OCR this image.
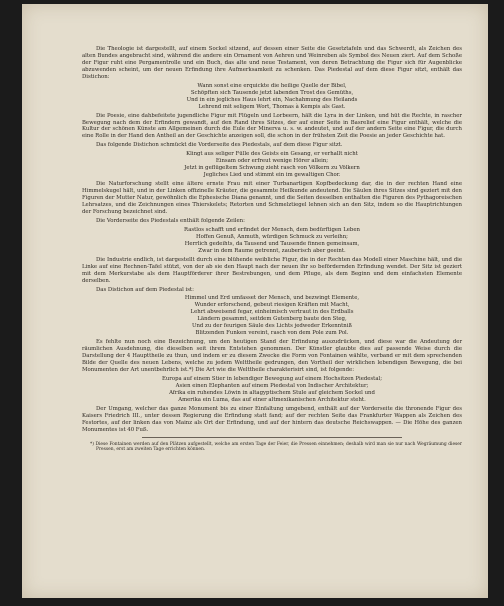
Die Theologie ist dargestellt, auf einem Sockel sitzend, auf dessen einer Seite die Gesetztafeln und das Schwerdt, als Zeichen des alten Bundes angebracht sind, während die andere ein Ornament von Aehren und Weinreben als Symbol des Neuen ziert. Auf dem Schoße der Figur ruht eine Pergamentrolle und ein Buch, das alte und neue Testament, von deren Betrachtung die Figur sich für Augenblicke abzuwenden scheint, um der neuen Erfindung ihre Aufmerksamkeit zu schenken. Das Piedestal auf dem diese Figur sitzt, enthält das Distichon:

Wann sonst eine erquickte die heilige Quelle der Bibel,
Schöpften sich Tausende jetzt labenden Trost des Gemüths,
Und in ein jegliches Haus lehrt ein, Nachahmung des Heilands
Lehrend mit seligem Wort, Thomas à Kempis als Gast.

Die Poesie, eine dahbefeitete jugendliche Figur mit Flügeln und Lorbeern, hält die Lyra in der Linken, und hüt die Rechte, in rascher Bewegung nach dem der Erfindern gewandt, auf den Rand ihres Sitzes, der auf einer Seite in Basrelief eine Figur enthält, welche die Kultur der schönen Künste am Allgemeinen durch die Eule der Minerva u. s. w. andeutet, und auf der andern Seite eine Figur, die durch eine Rolle in der Hand den Antheil an der Geschichte anzeigen soll, die schon in der frühsten Zeit die Poesie an jeder Geschichte hat.

Das folgende Distichon schmückt die Vorderseite des Piedestals, auf dem diese Figur sitzt.

Klingt aus seliger Fülle des Geists ein Gesang, er verhallt nicht
Einsam oder erfreut wenige Hörer allein;
Jetzt in geflügeltem Schwung zieht rasch von Völkern zu Völkern
Jegliches Lied und stimmt ein im gewaltigen Chor.

Die Naturforschung stellt eine ältere ernste Frau mit einer Turbanartigen Kopfbedeckung dar, die in der rechten Hand eine Himmelskugel hält, und in der Linken offizinelle Kräuter, die gesammte Heilkunde andeutend. Die Säulen ihres Sitzes sind geziert mit den Figuren der Mutter Natur, gewöhnlich die Ephesische Diana genannt, und die Seiten desselben enthalten die Figuren des Pythagoreischen Lehrsatzes, und die Zeichnungen eines Thierskelets; Retorten und Schmelztiegel lehnen sich an den Sitz, indem so die Hauptrichtungen der Forschung bezeichnet sind.

Die Vorderseite des Piedestals enthält folgende Zeilen:

Rastlos schafft und erfindet der Mensch, dem bedürftigen Leben
Hoffen Genuß, Anmuth, würdigen Schmuck zu verleihn;
Herrlich gedeihts, da Tausend und Tausende finnen gemeinsam,
Zwar in dem Raume getrennt, zauberisch aber geeint.

Die Industrie endlich, ist dargestellt durch eine blühende weibliche Figur, die in der Rechten das Modell einer Maschine hält, und die Linke auf eine Rechnen-Tafel stützt, von der ab sie den Haupt nach der neuen ihr so befördernden Erfindung wendet. Der Sitz ist geziert mit dem Merkurstabe als dem Hauptförderer ihrer Bestrebungen, und dem Pfluge, als dem Beginn und dem einfachsten Elemente derselben.

Das Distichon auf dem Piedestal ist:

Himmel und Erd umfasset der Mensch, und bezwingt Elemente,
Wunder erforschend, gebeut riesigen Kräften mit Macht,
Lehrt abweisend fegar, einheimisch vertraut in des Erdballs
Ländern gesammt, seitdem Gutenberg baute den Steg,
Und zu der feurigen Säule des Lichts jedweder Erkenntniß
Blitzenden Funken vereint, rasch von dem Pole zum Pol.

Es fehlte nun noch eine Bezeichnung, um den heutigen Stand der Erfindung auszudrücken, und diese war die Andeutung der räumlichen Ausdehnung, die dieselben seit ihrem Entstehen genommen. Der Künstler glaubte dies auf passende Weise durch die Darstellung der 4 Haupttheile zu thun, und indem er zu diesem Zwecke die Form von Fontainen wählte, verband er mit dem sprechenden Bilde der Quelle des neuen Lebens, welche zu jedem Welttheile gedrungen, den Vortheil der wirklichen lebendigen Bewegung, die bei Monumenten der Art unentbehrlich ist.*) Die Art wie die Welttheile charakterisirt sind, ist folgende:

Europa auf einem Stier in lebendiger Bewegung auf einem Hochsitzen Piedestal;
Asien einen Elephanten auf einem Piedestal von Indischer Architektur;
Afrika ein ruhendes Löwin in altagyptischem Stule auf gleichem Sockel und
Amerika ein Luma, das auf einer altmexikanischen Architektur steht.

Der Umgang, welcher das ganze Monument bis zu einer Einfaltung umgebend, enthält auf der Vorderseite die thronende Figur des Kaisers Friedrich III., unter dessen Regierung die Erfindung statt fand; auf der rechten Seite das Frankfurter Wappen als Zeichen des Festortes, auf der linken das von Mainz als Ort der Erfindung, und auf der hintern das deutsche Reichswappen. — Die Höhe des ganzen Monumentes ist 40 Fuß.

*) Diese Fontainen werden auf den Plätzen aufgestellt, welche am ersten Tage der Feier, die Pressen einnehmen; deshalb wird man sie nur nach Wegräumung dieser Pressen, erst am zweiten Tage errichten können.
